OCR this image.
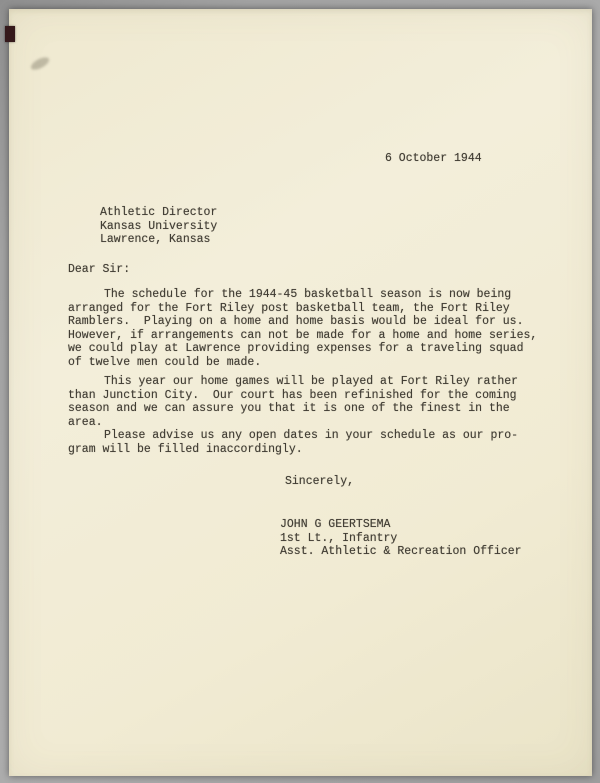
6 October 1944
Athletic Director
Kansas University
Lawrence, Kansas
Dear Sir:
The schedule for the 1944-45 basketball season is now being
arranged for the Fort Riley post basketball team, the Fort Riley
Ramblers.  Playing on a home and home basis would be ideal for us.
However, if arrangements can not be made for a home and home series,
we could play at Lawrence providing expenses for a traveling squad
of twelve men could be made.
This year our home games will be played at Fort Riley rather
than Junction City.  Our court has been refinished for the coming
season and we can assure you that it is one of the finest in the
area.
Please advise us any open dates in your schedule as our pro-
gram will be filled inaccordingly.
Sincerely,
JOHN G GEERTSEMA
1st Lt., Infantry
Asst. Athletic & Recreation Officer
